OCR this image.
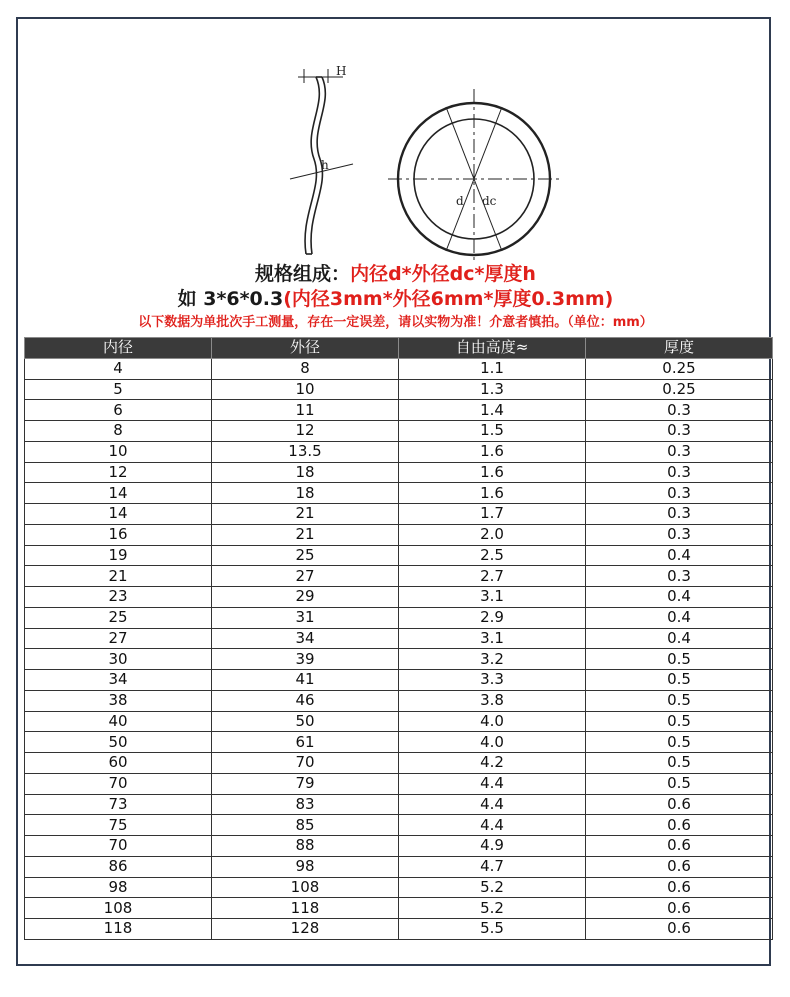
H
h
d dc
规格组成：内径d*外径dc*厚度h
如 3*6*0.3(内径3mm*外径6mm*厚度0.3mm)
以下数据为单批次手工测量，存在一定误差，请以实物为准！介意者慎拍。（单位：mm）
内径	外径	自由高度≈	厚度
4	8	1.1	0.25
5	10	1.3	0.25
6	11	1.4	0.3
8	12	1.5	0.3
10	13.5	1.6	0.3
12	18	1.6	0.3
14	18	1.6	0.3
14	21	1.7	0.3
16	21	2.0	0.3
19	25	2.5	0.4
21	27	2.7	0.3
23	29	3.1	0.4
25	31	2.9	0.4
27	34	3.1	0.4
30	39	3.2	0.5
34	41	3.3	0.5
38	46	3.8	0.5
40	50	4.0	0.5
50	61	4.0	0.5
60	70	4.2	0.5
70	79	4.4	0.5
73	83	4.4	0.6
75	85	4.4	0.6
70	88	4.9	0.6
86	98	4.7	0.6
98	108	5.2	0.6
108	118	5.2	0.6
118	128	5.5	0.6
